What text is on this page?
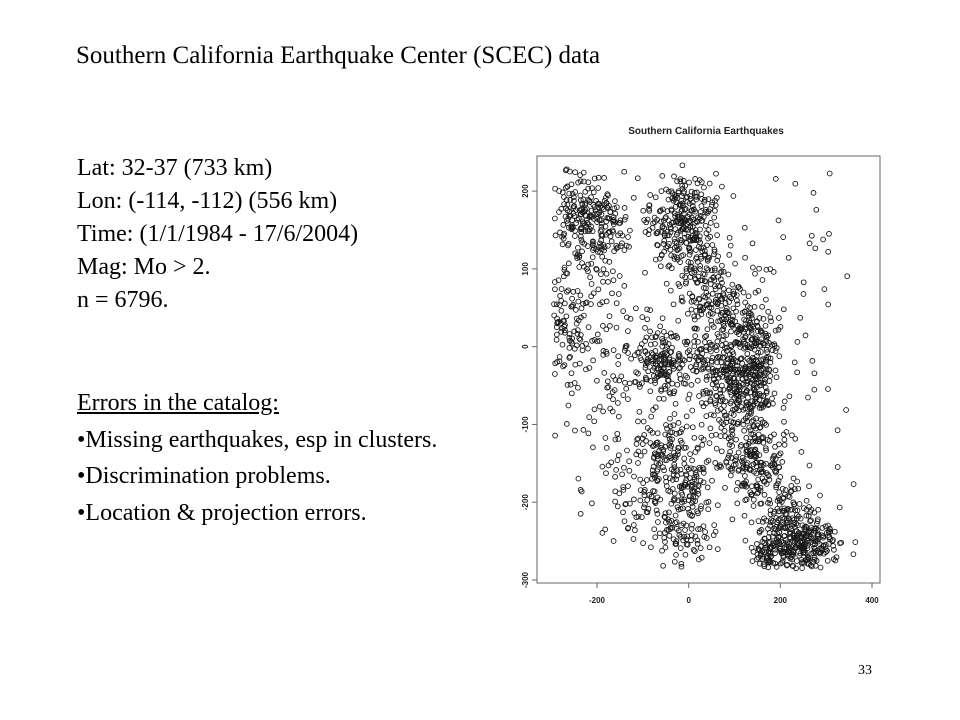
Southern California Earthquake Center (SCEC) data
Lat: 32-37 (733 km)
Lon: (-114, -112) (556 km)
Time: (1/1/1984 - 17/6/2004)
Mag: Mo > 2.
n = 6796.
Errors in the catalog:
•Missing earthquakes, esp in clusters.
•Discrimination problems.
•Location & projection errors.
Southern California Earthquakes
-200	0	200	400
200
100
0
-100
-200
-300
33
